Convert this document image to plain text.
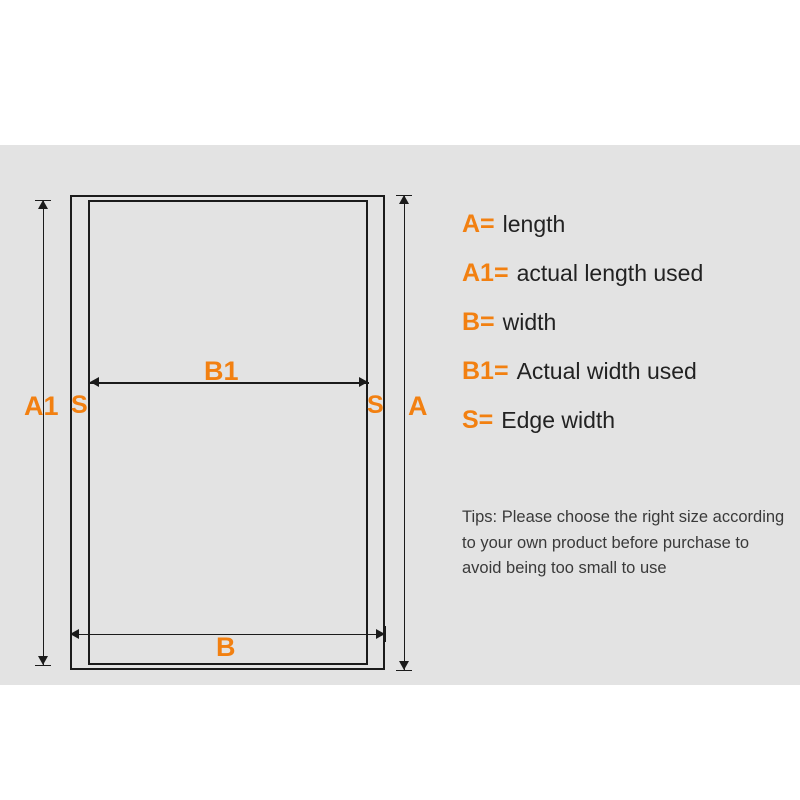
A1	A
B
B1
S	S
A= length
A1= actual length used
B= width
B1= Actual width used
S= Edge width
Tips: Please choose the right size according to your own product before purchase to avoid being too small to use
